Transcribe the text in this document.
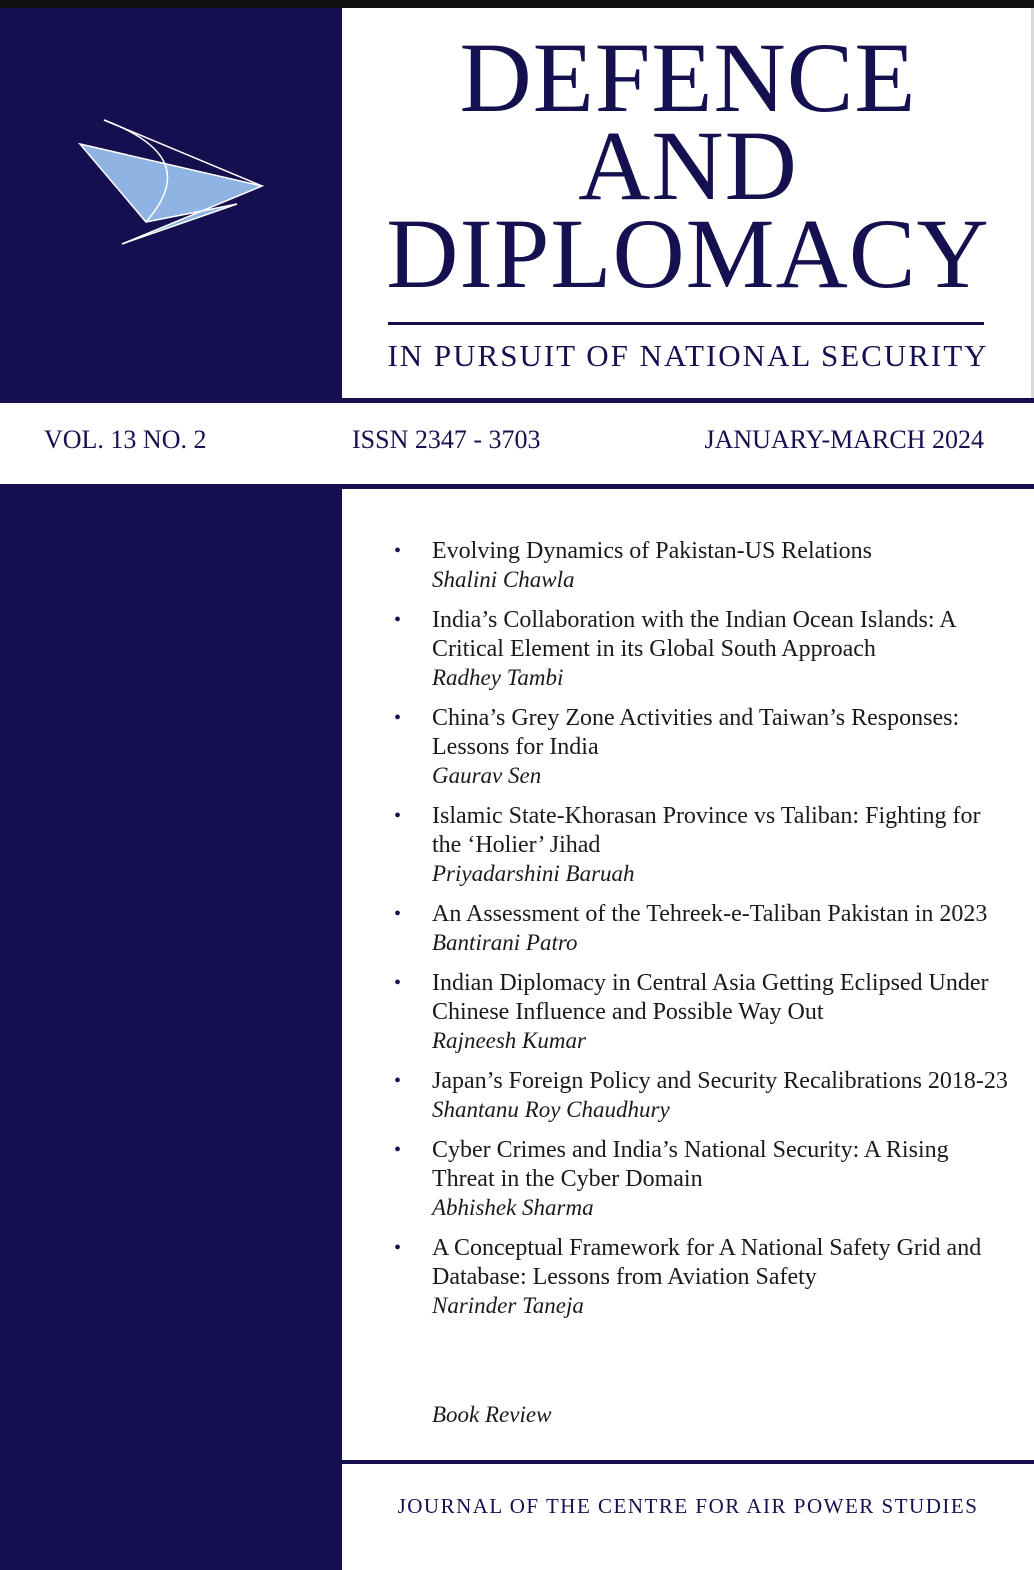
DEFENCE
AND
DIPLOMACY
IN PURSUIT OF NATIONAL SECURITY
VOL. 13 NO. 2	ISSN 2347 - 3703	JANUARY-MARCH 2024
• Evolving Dynamics of Pakistan-US Relations
Shalini Chawla
• India’s Collaboration with the Indian Ocean Islands: A Critical Element in its Global South Approach
Radhey Tambi
• China’s Grey Zone Activities and Taiwan’s Responses: Lessons for India
Gaurav Sen
• Islamic State-Khorasan Province vs Taliban: Fighting for the ‘Holier’ Jihad
Priyadarshini Baruah
• An Assessment of the Tehreek-e-Taliban Pakistan in 2023
Bantirani Patro
• Indian Diplomacy in Central Asia Getting Eclipsed Under Chinese Influence and Possible Way Out
Rajneesh Kumar
• Japan’s Foreign Policy and Security Recalibrations 2018-23
Shantanu Roy Chaudhury
• Cyber Crimes and India’s National Security: A Rising Threat in the Cyber Domain
Abhishek Sharma
• A Conceptual Framework for A National Safety Grid and Database: Lessons from Aviation Safety
Narinder Taneja
Book Review
JOURNAL OF THE CENTRE FOR AIR POWER STUDIES
